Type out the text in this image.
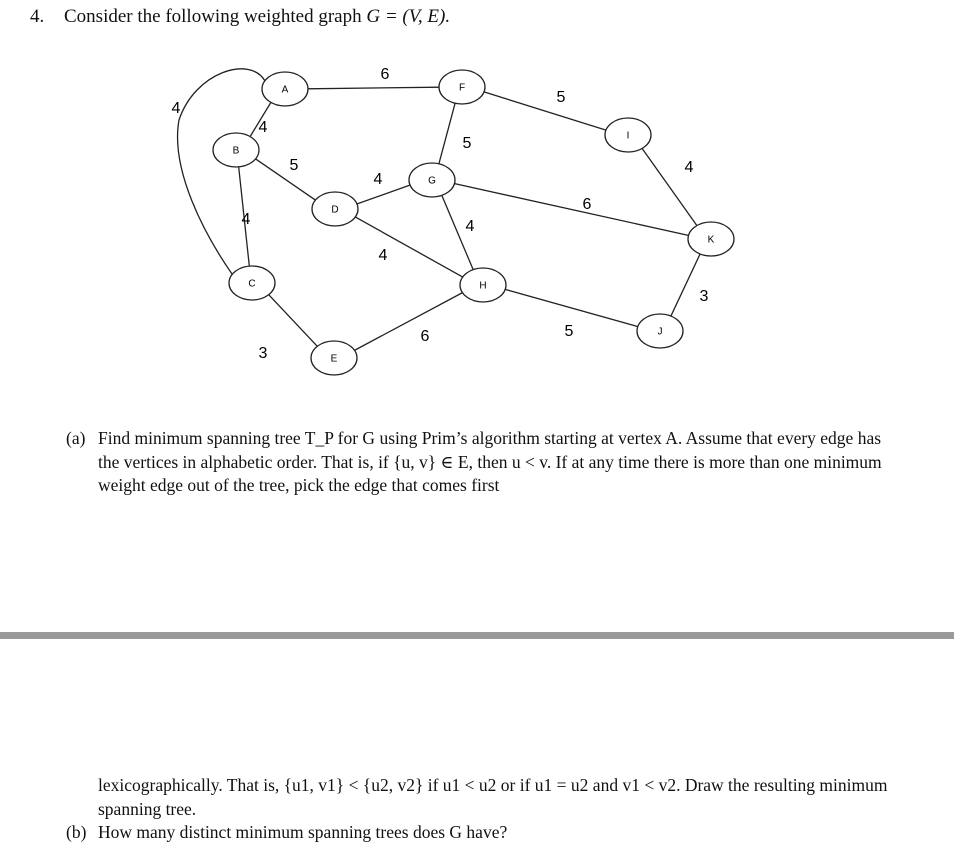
4. Consider the following weighted graph G = (V, E).
4
4
6
4
5
3
4
4
6
5
5
4
6
5
4
3
A
B
C
D
E
F
G
H
I
J
K
(a) Find minimum spanning tree T_P for G using Prim’s algorithm starting at vertex A. Assume that every edge has the vertices in alphabetic order. That is, if {u, v} ∈ E, then u < v. If at any time there is more than one minimum weight edge out of the tree, pick the edge that comes first
lexicographically. That is, {u1, v1} < {u2, v2} if u1 < u2 or if u1 = u2 and v1 < v2. Draw the resulting minimum spanning tree.
(b) How many distinct minimum spanning trees does G have?
